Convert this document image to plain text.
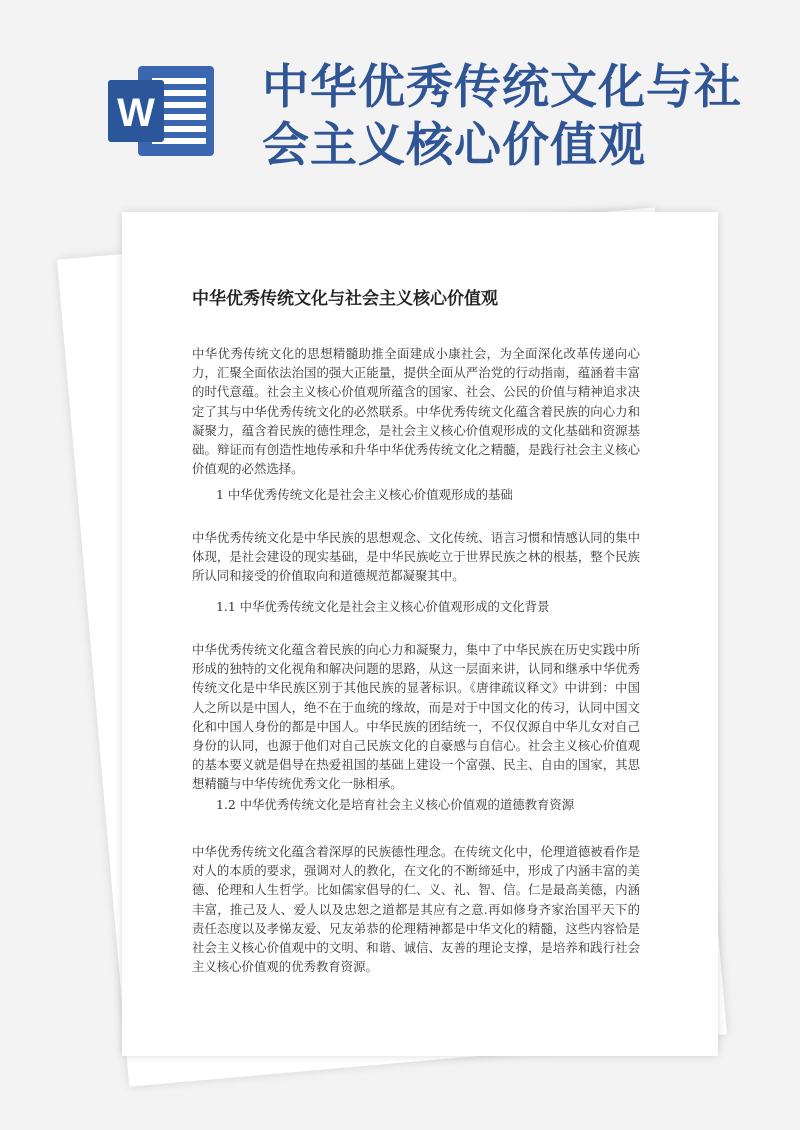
W 中华优秀传统文化与社
会主义核心价值观
中华优秀传统文化与社会主义核心价值观

中华优秀传统文化的思想精髓助推全面建成小康社会，为全面深化改革传递向心力，汇聚全面依法治国的强大正能量，提供全面从严治党的行动指南，蕴涵着丰富的时代意蕴。社会主义核心价值观所蕴含的国家、社会、公民的价值与精神追求决定了其与中华优秀传统文化的必然联系。中华优秀传统文化蕴含着民族的向心力和凝聚力，蕴含着民族的德性理念，是社会主义核心价值观形成的文化基础和资源基础。辩证而有创造性地传承和升华中华优秀传统文化之精髓，是践行社会主义核心价值观的必然选择。

1 中华优秀传统文化是社会主义核心价值观形成的基础

中华优秀传统文化是中华民族的思想观念、文化传统、语言习惯和情感认同的集中体现，是社会建设的现实基础，是中华民族屹立于世界民族之林的根基，整个民族所认同和接受的价值取向和道德规范都凝聚其中。

1.1 中华优秀传统文化是社会主义核心价值观形成的文化背景

中华优秀传统文化蕴含着民族的向心力和凝聚力，集中了中华民族在历史实践中所形成的独特的文化视角和解决问题的思路，从这一层面来讲，认同和继承中华优秀传统文化是中华民族区别于其他民族的显著标识。《唐律疏议释文》中讲到：中国人之所以是中国人，绝不在于血统的缘故，而是对于中国文化的传习，认同中国文化和中国人身份的都是中国人。中华民族的团结统一，不仅仅源自中华儿女对自己身份的认同，也源于他们对自己民族文化的自豪感与自信心。社会主义核心价值观的基本要义就是倡导在热爱祖国的基础上建设一个富强、民主、自由的国家，其思想精髓与中华传统优秀文化一脉相承。

1.2 中华优秀传统文化是培育社会主义核心价值观的道德教育资源

中华优秀传统文化蕴含着深厚的民族德性理念。在传统文化中，伦理道德被看作是对人的本质的要求，强调对人的教化，在文化的不断缔延中，形成了内涵丰富的美德、伦理和人生哲学。比如儒家倡导的仁、义、礼、智、信。仁是最高美德，内涵丰富，推己及人、爱人以及忠恕之道都是其应有之意.再如修身齐家治国平天下的责任态度以及孝悌友爱、兄友弟恭的伦理精神都是中华文化的精髓，这些内容恰是社会主义核心价值观中的文明、和谐、诚信、友善的理论支撑，是培养和践行社会主义核心价值观的优秀教育资源。
